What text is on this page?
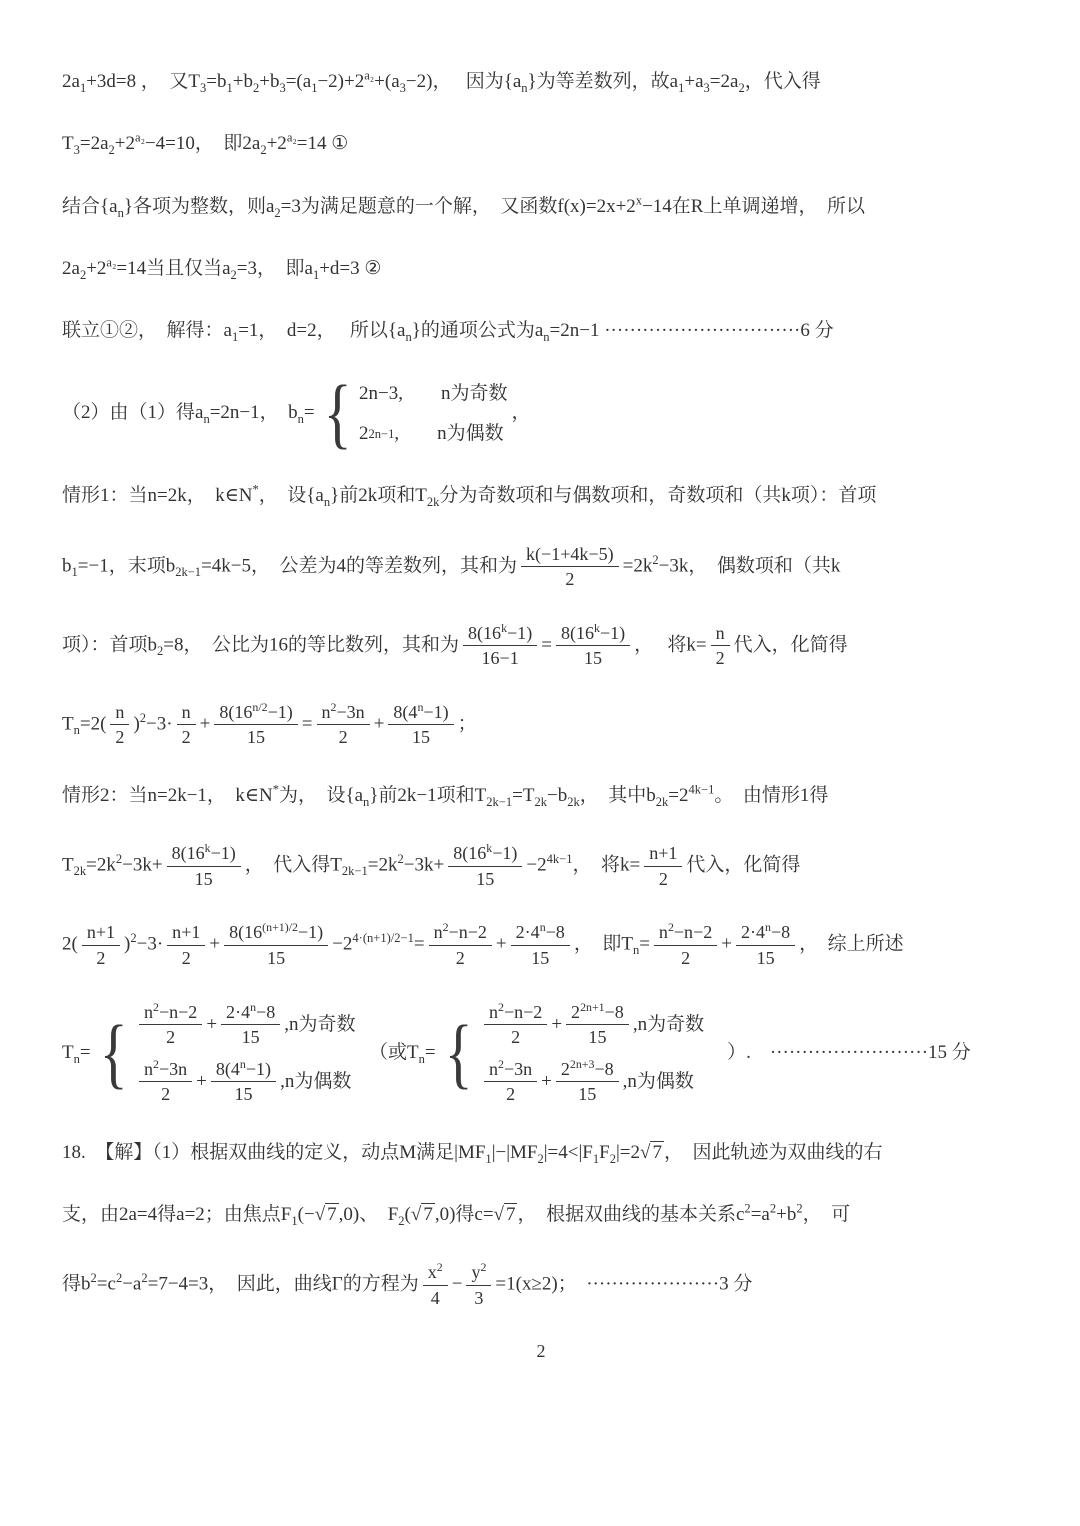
$2a_1+3d=8$ ，　又$T_3=b_1+b_2+b_3=(a_1-2)+2^{a_2}+(a_3-2)$，　 因为$\{a_n\}$为等差数列，故$a_1+a_3=2a_2$，代入得
$T_3=2a_2+2^{a_2}-4=10$，　即$2a_2+2^{a_2}=14$ ①
结合$\{a_n\}$各项为整数，则$a_2=3$为满足题意的一个解，　又函数$f(x)=2x+2^x-14$在R上单调递增，　所以
$2a_2+2^{a_2}=14$当且仅当$a_2=3$，　即$a_1+d=3$ ②
联立①②，　解得：$a_1=1$，　d=2，　 所以$\{a_n\}$的通项公式为$a_n=2n-1 \cdot\cdot\cdot\cdot\cdot\cdot\cdot\cdot\cdot\cdot\cdot\cdot\cdot\cdot\cdot\cdot\cdot\cdot\cdot\cdot\cdot\cdot\cdot\cdot\cdot\cdot\cdot\cdot\cdot\cdot\cdot 6$ 分
（2）由（1）得$a_n=2n-1$，　$b_n=$ { 2n−3,　　n为奇数
2 2n−1 ,　　n为偶数
，
情形1：当n=2k，　k∈N*，　设$\{a_n\}$前2k项和$T_{2k}$分为奇数项和与偶数项和，奇数项和（共k项）：首项
$b_1=-1$，末项$b_{2k-1}=4k-5$，　公差为4的等差数列，其和为 $\frac{k(-1+4k-5)}{2} =2k^2-3k$，　偶数项和（共k
项）：首项$b_2=8$，　公比为16的等比数列，其和为 $\frac{8(16^k-1)}{16-1} = \frac{8(16^k-1)}{15}$ ，　 将$k= \frac{n}{2}$ 代入，化简得
$T_n=2( \frac{n}{2} )^2-3\cdot \frac{n}{2} + \frac{8(16^{n/2}-1)}{15} = \frac{n^2-3n}{2} + \frac{8(4^n-1)}{15}$ ；
情形2：当n=2k−1，　k∈N*为，　设$\{a_n\}$前2k−1项和$T_{2k-1}=T_{2k}-b_{2k}$，　其中$b_{2k}=2^{4k-1}$。　由情形1得
$T_{2k}=2k^2-3k+ \frac{8(16^k-1)}{15}$ ，　代入得$T_{2k-1}=2k^2-3k+ \frac{8(16^k-1)}{15} -2^{4k-1}$，　将$k= \frac{n+1}{2}$ 代入，化简得
$2( \frac{n+1}{2} )^2-3\cdot \frac{n+1}{2} + \frac{8(16^{(n+1)/2}-1)}{15} -2^{4\cdot(n+1)/2-1}= \frac{n^2-n-2}{2} + \frac{2\cdot 4^n-8}{15}$ ，　即$T_n= \frac{n^2-n-2}{2} + \frac{2\cdot 4^n-8}{15}$ ，　综上所述
$T_n=$ { $\frac{n^2-n-2}{2} + \frac{2\cdot 4^n-8}{15} ,n$为奇数
$\frac{n^2-3n}{2} + \frac{8(4^n-1)}{15} ,n$为偶数
　（或$T_n=$ { $\frac{n^2-n-2}{2} + \frac{2^{2n+1}-8}{15} ,n$为奇数
$\frac{n^2-3n}{2} + \frac{2^{2n+3}-8}{15} ,n$为偶数
　）.　·························15 分
18.　【解】（1）根据双曲线的定义，动点M满足$|MF_1|-|MF_2|=4<|F_1F_2|=2√$ 7 ，　因此轨迹为双曲线的右
支，由2a=4得a=2；由焦点$F_1(-√$ 7 ,0)、　$F_2(√$ 7 ,0)得c=√ 7 ，　根据双曲线的基本关系$c^2=a^2+b^2$，　可
得$b^2=c^2-a^2=7-4=3$，　因此，曲线Γ的方程为 $\frac{x^2}{4} - \frac{y^2}{3} =1(x\ge 2)$；　·····················3 分
2
